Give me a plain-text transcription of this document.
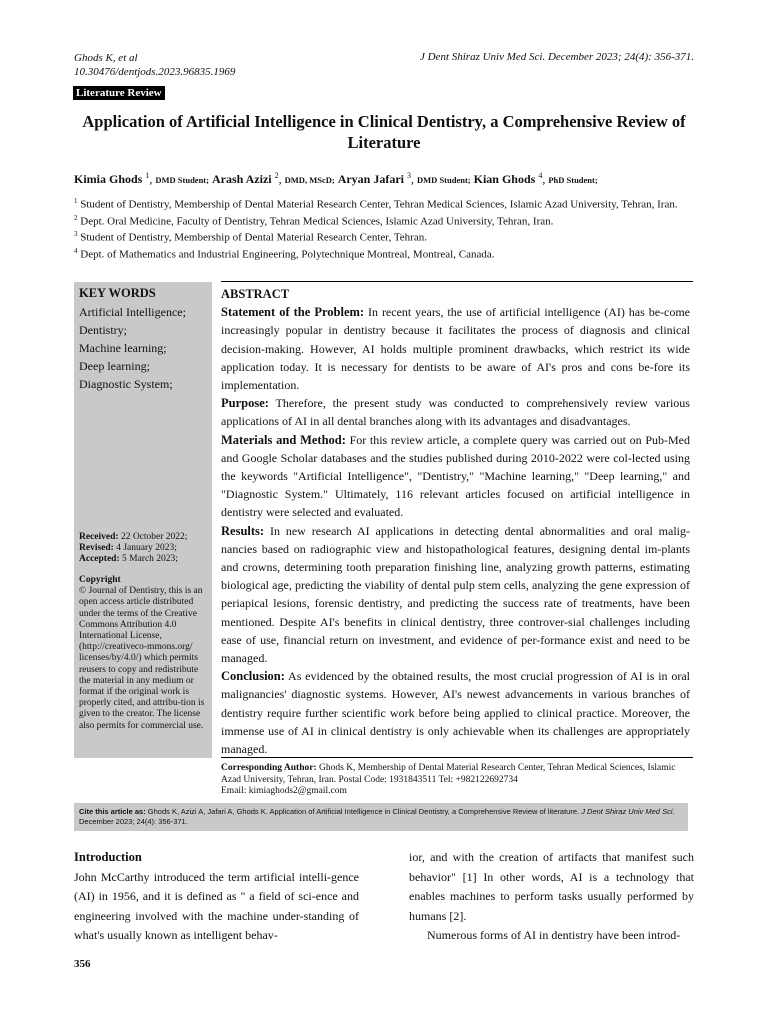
Ghods K, et al
10.30476/dentjods.2023.96835.1969
J Dent Shiraz Univ Med Sci. December 2023; 24(4): 356-371.
Literature Review
Application of Artificial Intelligence in Clinical Dentistry, a Comprehensive Review of Literature
Kimia Ghods $^1$, DMD Student; Arash Azizi $^2$, DMD, MScD; Aryan Jafari $^3$, DMD Student; Kian Ghods $^4$, PhD Student;
$^1$ Student of Dentistry, Membership of Dental Material Research Center, Tehran Medical Sciences, Islamic Azad University, Tehran, Iran.
$^2$ Dept. Oral Medicine, Faculty of Dentistry, Tehran Medical Sciences, Islamic Azad University, Tehran, Iran.
$^3$ Student of Dentistry, Membership of Dental Material Research Center, Tehran.
$^4$ Dept. of Mathematics and Industrial Engineering, Polytechnique Montreal, Montreal, Canada.
KEY WORDS
Artificial Intelligence;
Dentistry;
Machine learning;
Deep learning;
Diagnostic System;
Received: 22 October 2022;
Revised: 4 January 2023;
Accepted: 5 March 2023;
Copyright
© Journal of Dentistry, this is an open access article distributed under the terms of the Creative Commons Attribution 4.0 International License, (http://creativeco-mmons.org/ licenses/by/4.0/) which permits reusers to copy and redistribute the material in any medium or format if the original work is properly cited, and attribu-tion is given to the creator. The license also permits for commercial use.
ABSTRACT

Statement of the Problem: In recent years, the use of artificial intelligence (AI) has be-come increasingly popular in dentistry because it facilitates the process of diagnosis and clinical decision-making. However, AI holds multiple prominent drawbacks, which restrict its wide application today. It is necessary for dentists to be aware of AI's pros and cons be-fore its implementation.

Purpose: Therefore, the present study was conducted to comprehensively review various applications of AI in all dental branches along with its advantages and disadvantages.

Materials and Method: For this review article, a complete query was carried out on Pub-Med and Google Scholar databases and the studies published during 2010-2022 were col-lected using the keywords "Artificial Intelligence", "Dentistry," "Machine learning," "Deep learning," and "Diagnostic System." Ultimately, 116 relevant articles focused on artificial intelligence in dentistry were selected and evaluated.

Results: In new research AI applications in detecting dental abnormalities and oral malig-nancies based on radiographic view and histopathological features, designing dental im-plants and crowns, determining tooth preparation finishing line, analyzing growth patterns, estimating biological age, predicting the viability of dental pulp stem cells, analyzing the gene expression of periapical lesions, forensic dentistry, and predicting the success rate of treatments, have been mentioned. Despite AI's benefits in clinical dentistry, three controver-sial challenges including ease of use, financial return on investment, and evidence of per-formance exist and need to be managed.

Conclusion: As evidenced by the obtained results, the most crucial progression of AI is in oral malignancies' diagnostic systems. However, AI's newest advancements in various branches of dentistry require further scientific work before being applied to clinical practice. Moreover, the immense use of AI in clinical dentistry is only achievable when its challenges are appropriately managed.

Corresponding Author: Ghods K, Membership of Dental Material Research Center, Tehran Medical Sciences, Islamic Azad University, Tehran, Iran. Postal Code: 1931843511 Tel: +982122692734
Email: kimiaghods2@gmail.com
Cite this article as: Ghods K, Azizi A, Jafari A, Ghods K. Application of Artificial Intelligence in Clinical Dentistry, a Comprehensive Review of literature. J Dent Shiraz Univ Med Sci. December 2023; 24(4): 356-371.
Introduction

John McCarthy introduced the term artificial intelli-gence (AI) in 1956, and it is defined as " a field of sci-ence and engineering involved with the machine under-standing of what's usually known as intelligent behav-

ior, and with the creation of artifacts that manifest such behavior" [1] In other words, AI is a technology that enables machines to perform tasks usually performed by humans [2].

Numerous forms of AI in dentistry have been introd-

356
